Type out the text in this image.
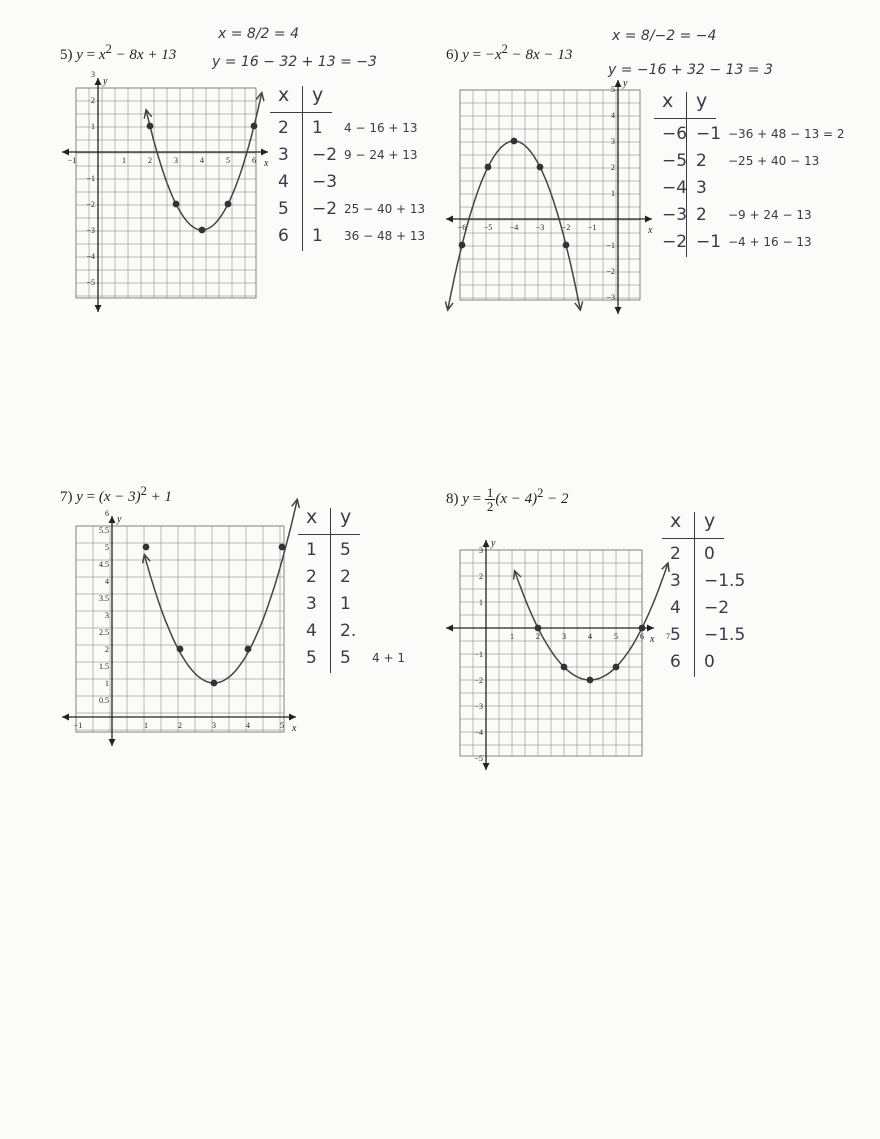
5) $y = x^2 - 8x + 13$
x = 8/2 = 4
y = 16 − 32 + 13 = −3
x
y
−1	1	2	3	4	5	6
3
2
1
−1
−2
−3
−4
−5
x y
2 1 4 − 16 + 13
3 −2 9 − 24 + 13
4 −3
5 −2 25 − 40 + 13
6 1 36 − 48 + 13
6) $y = -x^2 - 8x - 13$
x = 8/−2 = −4
y = −16 + 32 − 13 = 3
x
y
−6 −5 −4 −3 −2 −1
5
4
3
2
1
−1
−2
−3
x y
−6 −1 −36 + 48 − 13 = 2
−5 2 −25 + 40 − 13
−4 3
−3 2 −9 + 24 − 13
−2 −1 −4 + 16 − 13
7) $y = (x - 3)^2 + 1$
x
y
−1	1	2	3	4	5
6
5.5
5
4.5
4
3.5
3
2.5
2
1.5
1
0.5
x y
1 5
2 2
3 1
4 2.
5 5 4 + 1
8) $y = \frac{1}{2} (x - 4)^2 - 2$
x
y
1	2	3	4	5	6	7
3
2
1
−1
−2
−3
−4
−5
x y
2 0
3 −1.5
4 −2
5 −1.5
6 0
